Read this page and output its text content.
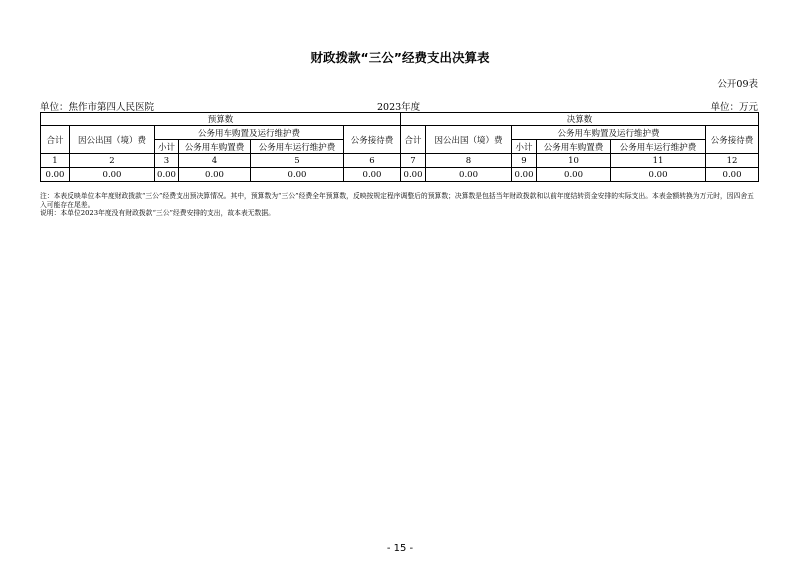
财政拨款“三公”经费支出决算表
公开09表
单位：焦作市第四人民医院	2023年度	单位：万元
预算数						决算数					
合计	因公出国（境）费	公务用车购置及运行维护费			公务接待费	合计	因公出国（境）费	公务用车购置及运行维护费			公务接待费
		小计	公务用车购置费	公务用车运行维护费				小计	公务用车购置费	公务用车运行维护费	
1	2	3	4	5	6	7	8	9	10	11	12
0.00	0.00	0.00	0.00	0.00	0.00	0.00	0.00	0.00	0.00	0.00	0.00
注：本表反映单位本年度财政拨款“三公”经费支出预决算情况。其中，预算数为“三公”经费全年预算数，反映按规定程序调整后的预算数；决算数是包括当年财政拨款和以前年度结转资金安排的实际支出。本表金额转换为万元时，因四舍五入可能存在尾差。
说明：本单位2023年度没有财政拨款“三公”经费安排的支出，故本表无数据。
- 15 -
